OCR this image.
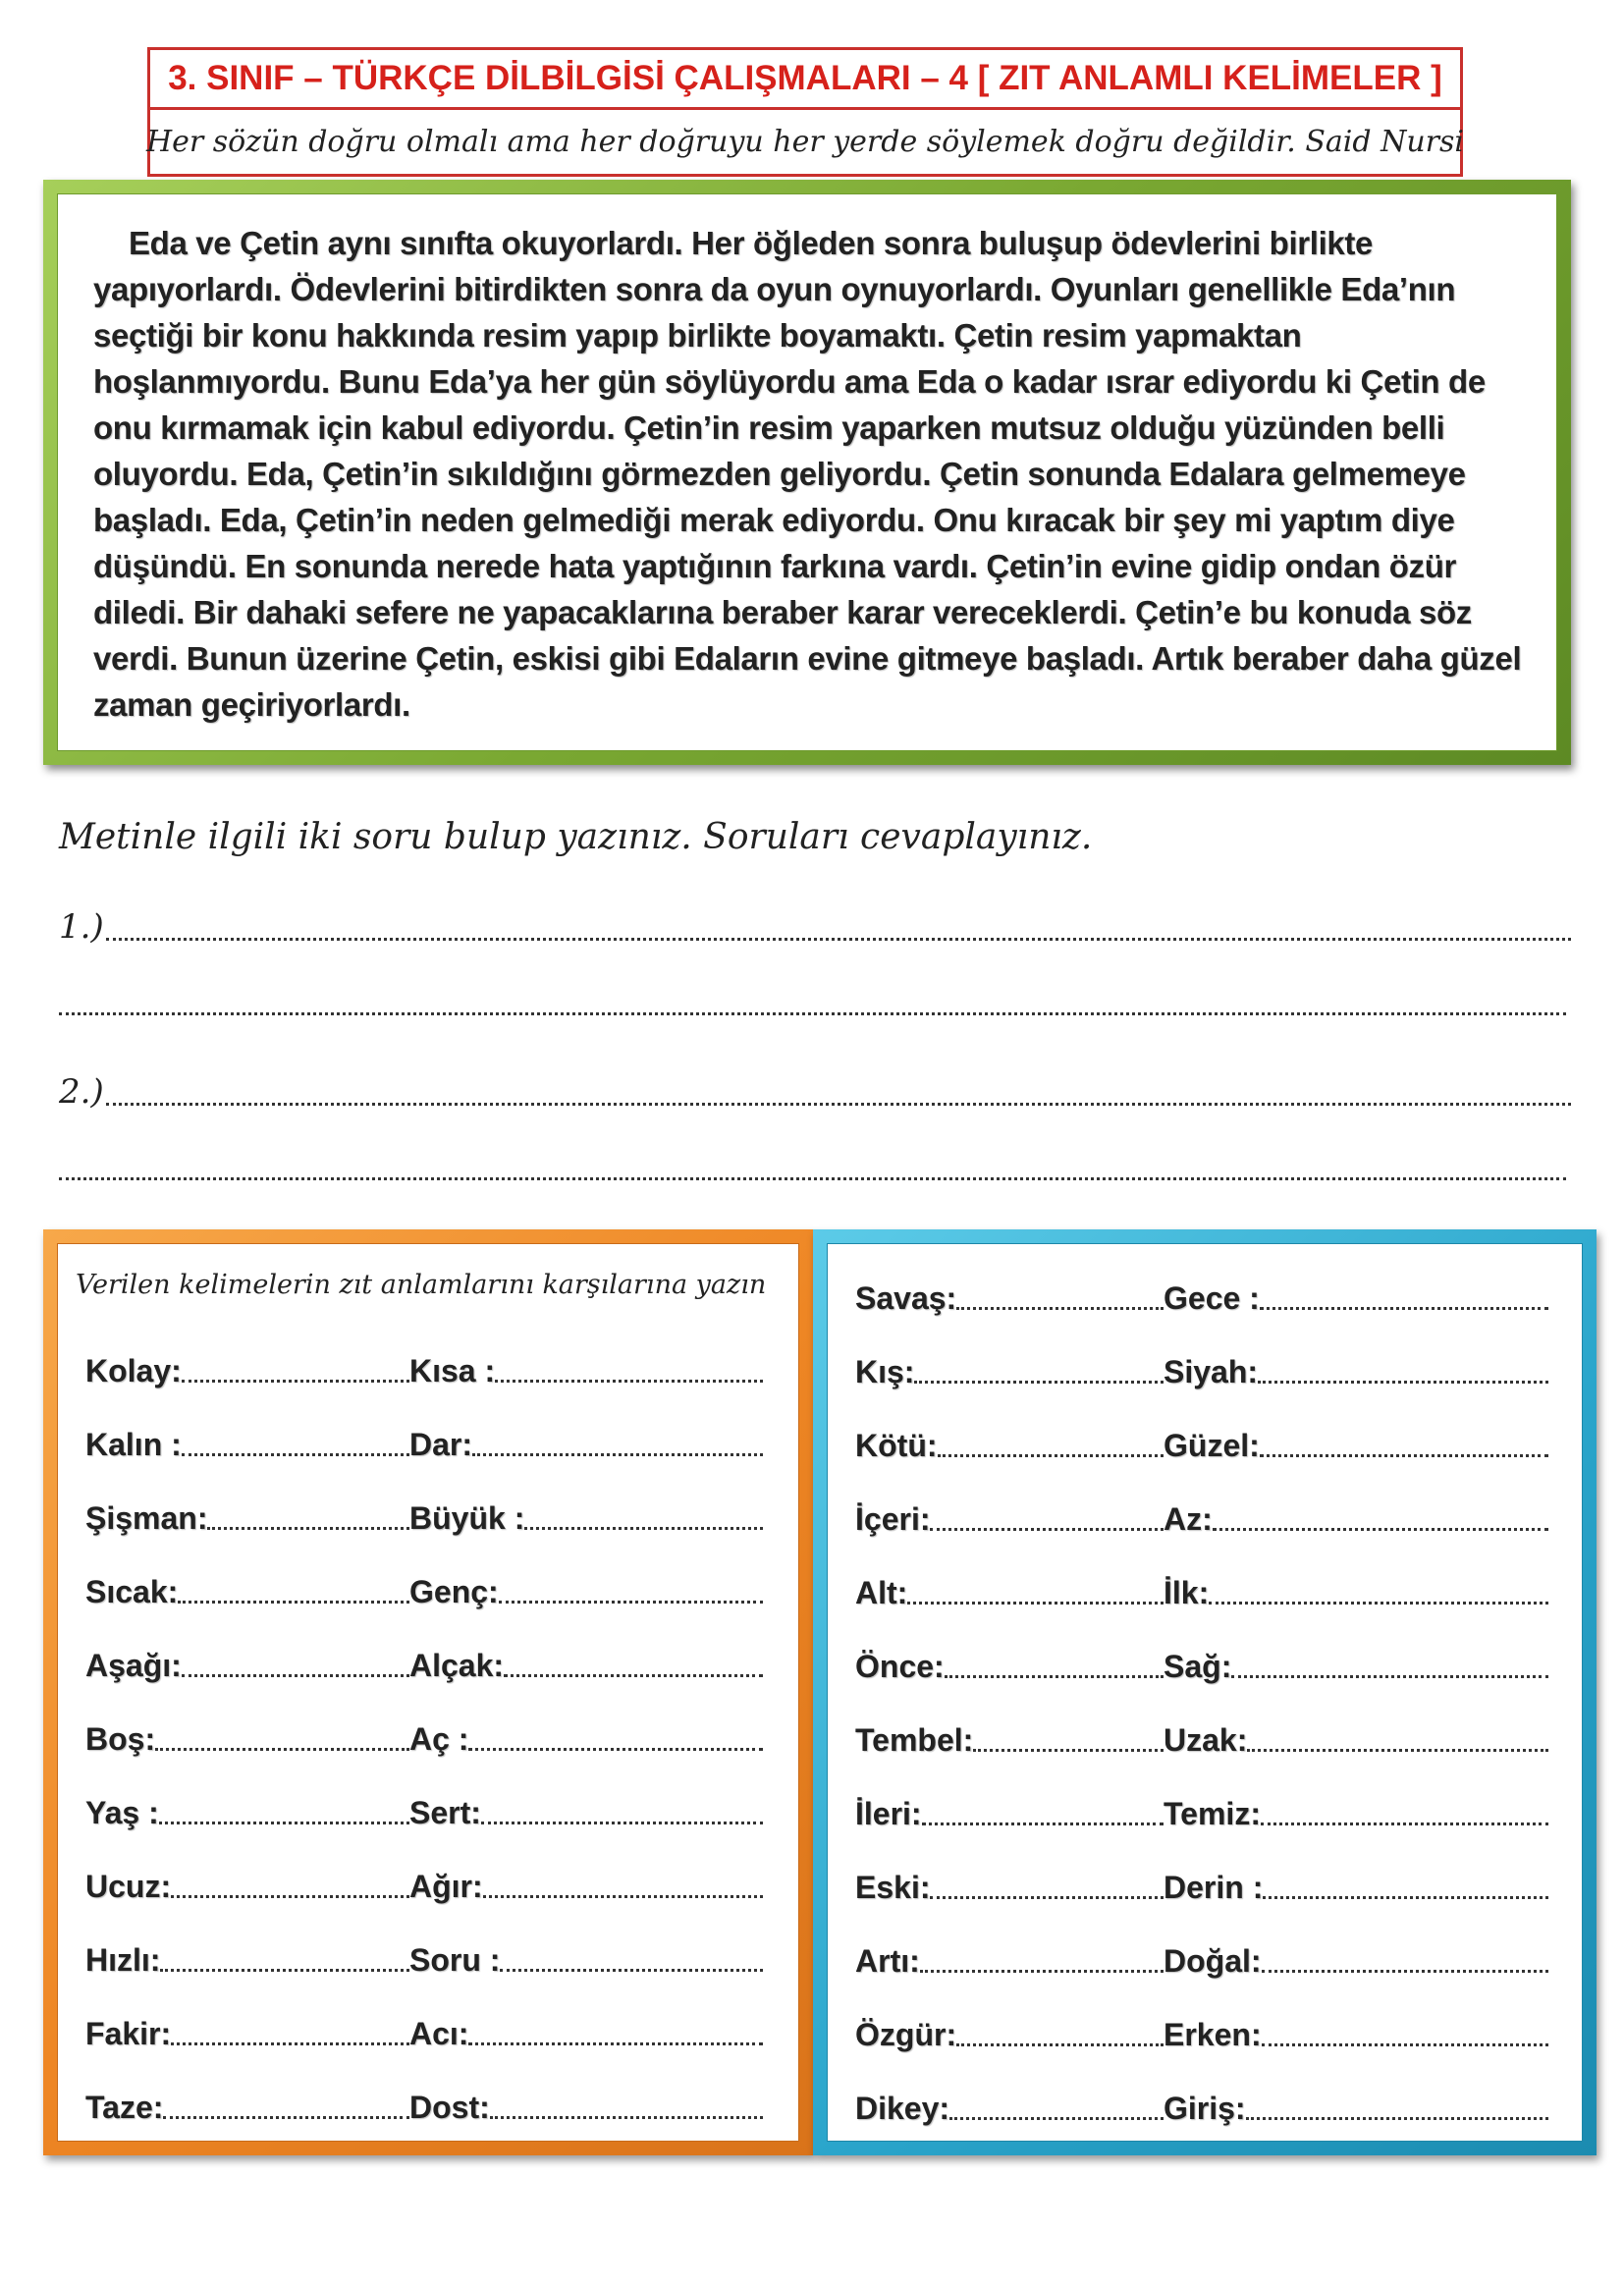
3. SINIF – TÜRKÇE DİLBİLGİSİ ÇALIŞMALARI – 4 [ ZIT ANLAMLI KELİMELER ]
Her sözün doğru olmalı ama her doğruyu her yerde söylemek doğru değildir. Said Nursi

Eda ve Çetin aynı sınıfta okuyorlardı. Her öğleden sonra buluşup ödevlerini birlikte yapıyorlardı. Ödevlerini bitirdikten sonra da oyun oynuyorlardı. Oyunları genellikle Eda’nın seçtiği bir konu hakkında resim yapıp birlikte boyamaktı. Çetin resim yapmaktan hoşlanmıyordu. Bunu Eda’ya her gün söylüyordu ama Eda o kadar ısrar ediyordu ki Çetin de onu kırmamak için kabul ediyordu. Çetin’in resim yaparken mutsuz olduğu yüzünden belli oluyordu. Eda, Çetin’in sıkıldığını görmezden geliyordu. Çetin sonunda Edalara gelmemeye başladı. Eda, Çetin’in neden gelmediği merak ediyordu. Onu kıracak bir şey mi yaptım diye düşündü. En sonunda nerede hata yaptığının farkına vardı. Çetin’in evine gidip ondan özür diledi. Bir dahaki sefere ne yapacaklarına beraber karar vereceklerdi. Çetin’e bu konuda söz verdi. Bunun üzerine Çetin, eskisi gibi Edaların evine gitmeye başladı. Artık beraber daha güzel zaman geçiriyorlardı.

Metinle ilgili iki soru bulup yazınız. Soruları cevaplayınız.
1.)
2.)
Verilen kelimelerin zıt anlamlarını karşılarına yazın
Kolay:	Kısa :
Kalın :	Dar:
Şişman:	Büyük :
Sıcak:	Genç:
Aşağı:	Alçak:
Boş:	Aç :
Yaş :	Sert:
Ucuz:	Ağır:
Hızlı:	Soru :
Fakir:	Acı:
Taze:	Dost:
Savaş:	Gece :
Kış:	Siyah:
Kötü:	Güzel:
İçeri:	Az:
Alt:	İlk:
Önce:	Sağ:
Tembel:	Uzak:
İleri:	Temiz:
Eski:	Derin :
Artı:	Doğal:
Özgür:	Erken:
Dikey:	Giriş:
